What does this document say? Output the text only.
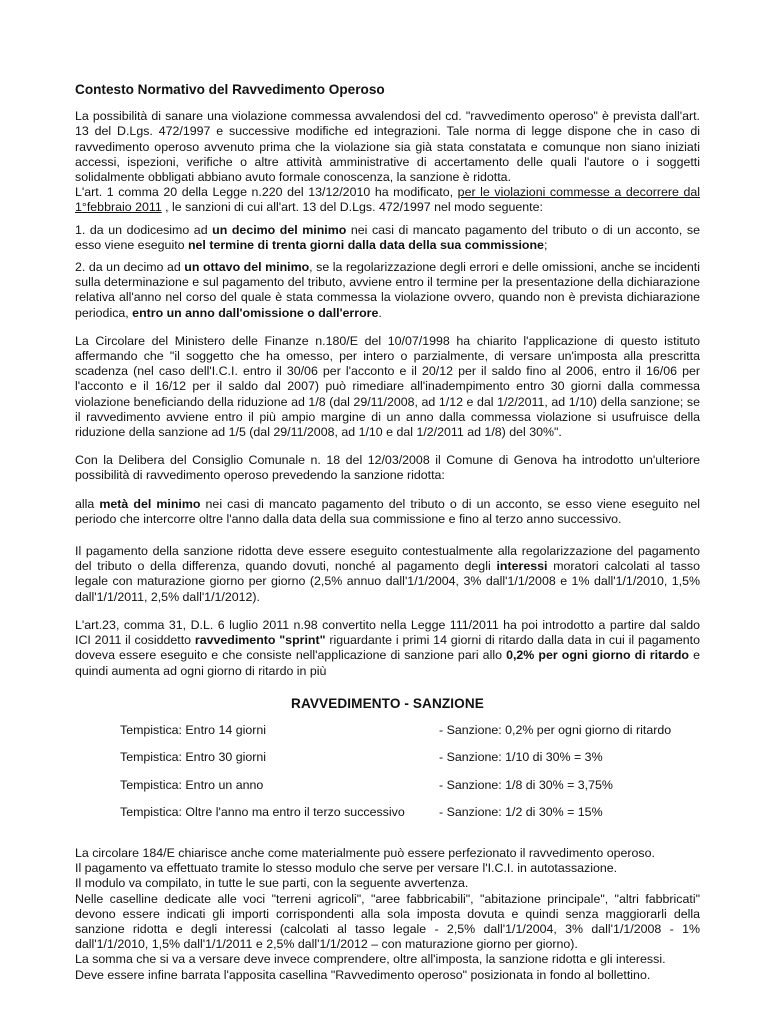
Contesto Normativo del Ravvedimento Operoso

La possibilità di sanare una violazione commessa avvalendosi del cd. "ravvedimento operoso" è prevista dall'art. 13 del D.Lgs. 472/1997 e successive modifiche ed integrazioni. Tale norma di legge dispone che in caso di ravvedimento operoso avvenuto prima che la violazione sia già stata constatata e comunque non siano iniziati accessi, ispezioni, verifiche o altre attività amministrative di accertamento delle quali l'autore o i soggetti solidalmente obbligati abbiano avuto formale conoscenza, la sanzione è ridotta.

L'art. 1 comma 20 della Legge n.220 del 13/12/2010 ha modificato, per le violazioni commesse a decorrere dal 1°febbraio 2011 , le sanzioni di cui all'art. 13 del D.Lgs. 472/1997 nel modo seguente:

1. da un dodicesimo ad un decimo del minimo nei casi di mancato pagamento del tributo o di un acconto, se esso viene eseguito nel termine di trenta giorni dalla data della sua commissione;

2. da un decimo ad un ottavo del minimo, se la regolarizzazione degli errori e delle omissioni, anche se incidenti sulla determinazione e sul pagamento del tributo, avviene entro il termine per la presentazione della dichiarazione relativa all'anno nel corso del quale è stata commessa la violazione ovvero, quando non è prevista dichiarazione periodica, entro un anno dall'omissione o dall'errore.

La Circolare del Ministero delle Finanze n.180/E del 10/07/1998 ha chiarito l'applicazione di questo istituto affermando che "il soggetto che ha omesso, per intero o parzialmente, di versare un'imposta alla prescritta scadenza (nel caso dell'I.C.I. entro il 30/06 per l'acconto e il 20/12 per il saldo fino al 2006, entro il 16/06 per l'acconto e il 16/12 per il saldo dal 2007) può rimediare all'inadempimento entro 30 giorni dalla commessa violazione beneficiando della riduzione ad 1/8 (dal 29/11/2008, ad 1/12 e dal 1/2/2011, ad 1/10) della sanzione; se il ravvedimento avviene entro il più ampio margine di un anno dalla commessa violazione si usufruisce della riduzione della sanzione ad 1/5 (dal 29/11/2008, ad 1/10 e dal 1/2/2011 ad 1/8) del 30%".

Con la Delibera del Consiglio Comunale n. 18 del 12/03/2008 il Comune di Genova ha introdotto un'ulteriore possibilità di ravvedimento operoso prevedendo la sanzione ridotta:

alla metà del minimo nei casi di mancato pagamento del tributo o di un acconto, se esso viene eseguito nel periodo che intercorre oltre l'anno dalla data della sua commissione e fino al terzo anno successivo.

Il pagamento della sanzione ridotta deve essere eseguito contestualmente alla regolarizzazione del pagamento del tributo o della differenza, quando dovuti, nonché al pagamento degli interessi moratori calcolati al tasso legale con maturazione giorno per giorno (2,5% annuo dall'1/1/2004, 3% dall'1/1/2008 e 1% dall'1/1/2010, 1,5% dall'1/1/2011, 2,5% dall'1/1/2012).

L'art.23, comma 31, D.L. 6 luglio 2011 n.98 convertito nella Legge 111/2011 ha poi introdotto a partire dal saldo ICI 2011 il cosiddetto ravvedimento "sprint" riguardante i primi 14 giorni di ritardo dalla data in cui il pagamento doveva essere eseguito e che consiste nell'applicazione di sanzione pari allo 0,2% per ogni giorno di ritardo e quindi aumenta ad ogni giorno di ritardo in più

RAVVEDIMENTO - SANZIONE
Tempistica: Entro 14 giorni	- Sanzione: 0,2% per ogni giorno di ritardo
Tempistica: Entro 30 giorni	- Sanzione: 1/10 di 30% = 3%
Tempistica: Entro un anno	- Sanzione: 1/8 di 30% = 3,75%
Tempistica: Oltre l'anno ma entro il terzo successivo	- Sanzione: 1/2 di 30% = 15%

La circolare 184/E chiarisce anche come materialmente può essere perfezionato il ravvedimento operoso.

Il pagamento va effettuato tramite lo stesso modulo che serve per versare l'I.C.I. in autotassazione.

Il modulo va compilato, in tutte le sue parti, con la seguente avvertenza.

Nelle caselline dedicate alle voci "terreni agricoli", "aree fabbricabili", "abitazione principale", "altri fabbricati" devono essere indicati gli importi corrispondenti alla sola imposta dovuta e quindi senza maggiorarli della sanzione ridotta e degli interessi (calcolati al tasso legale - 2,5% dall'1/1/2004, 3% dall'1/1/2008 - 1% dall'1/1/2010, 1,5% dall'1/1/2011 e 2,5% dall'1/1/2012 – con maturazione giorno per giorno).

La somma che si va a versare deve invece comprendere, oltre all'imposta, la sanzione ridotta e gli interessi.

Deve essere infine barrata l'apposita casellina "Ravvedimento operoso" posizionata in fondo al bollettino.
